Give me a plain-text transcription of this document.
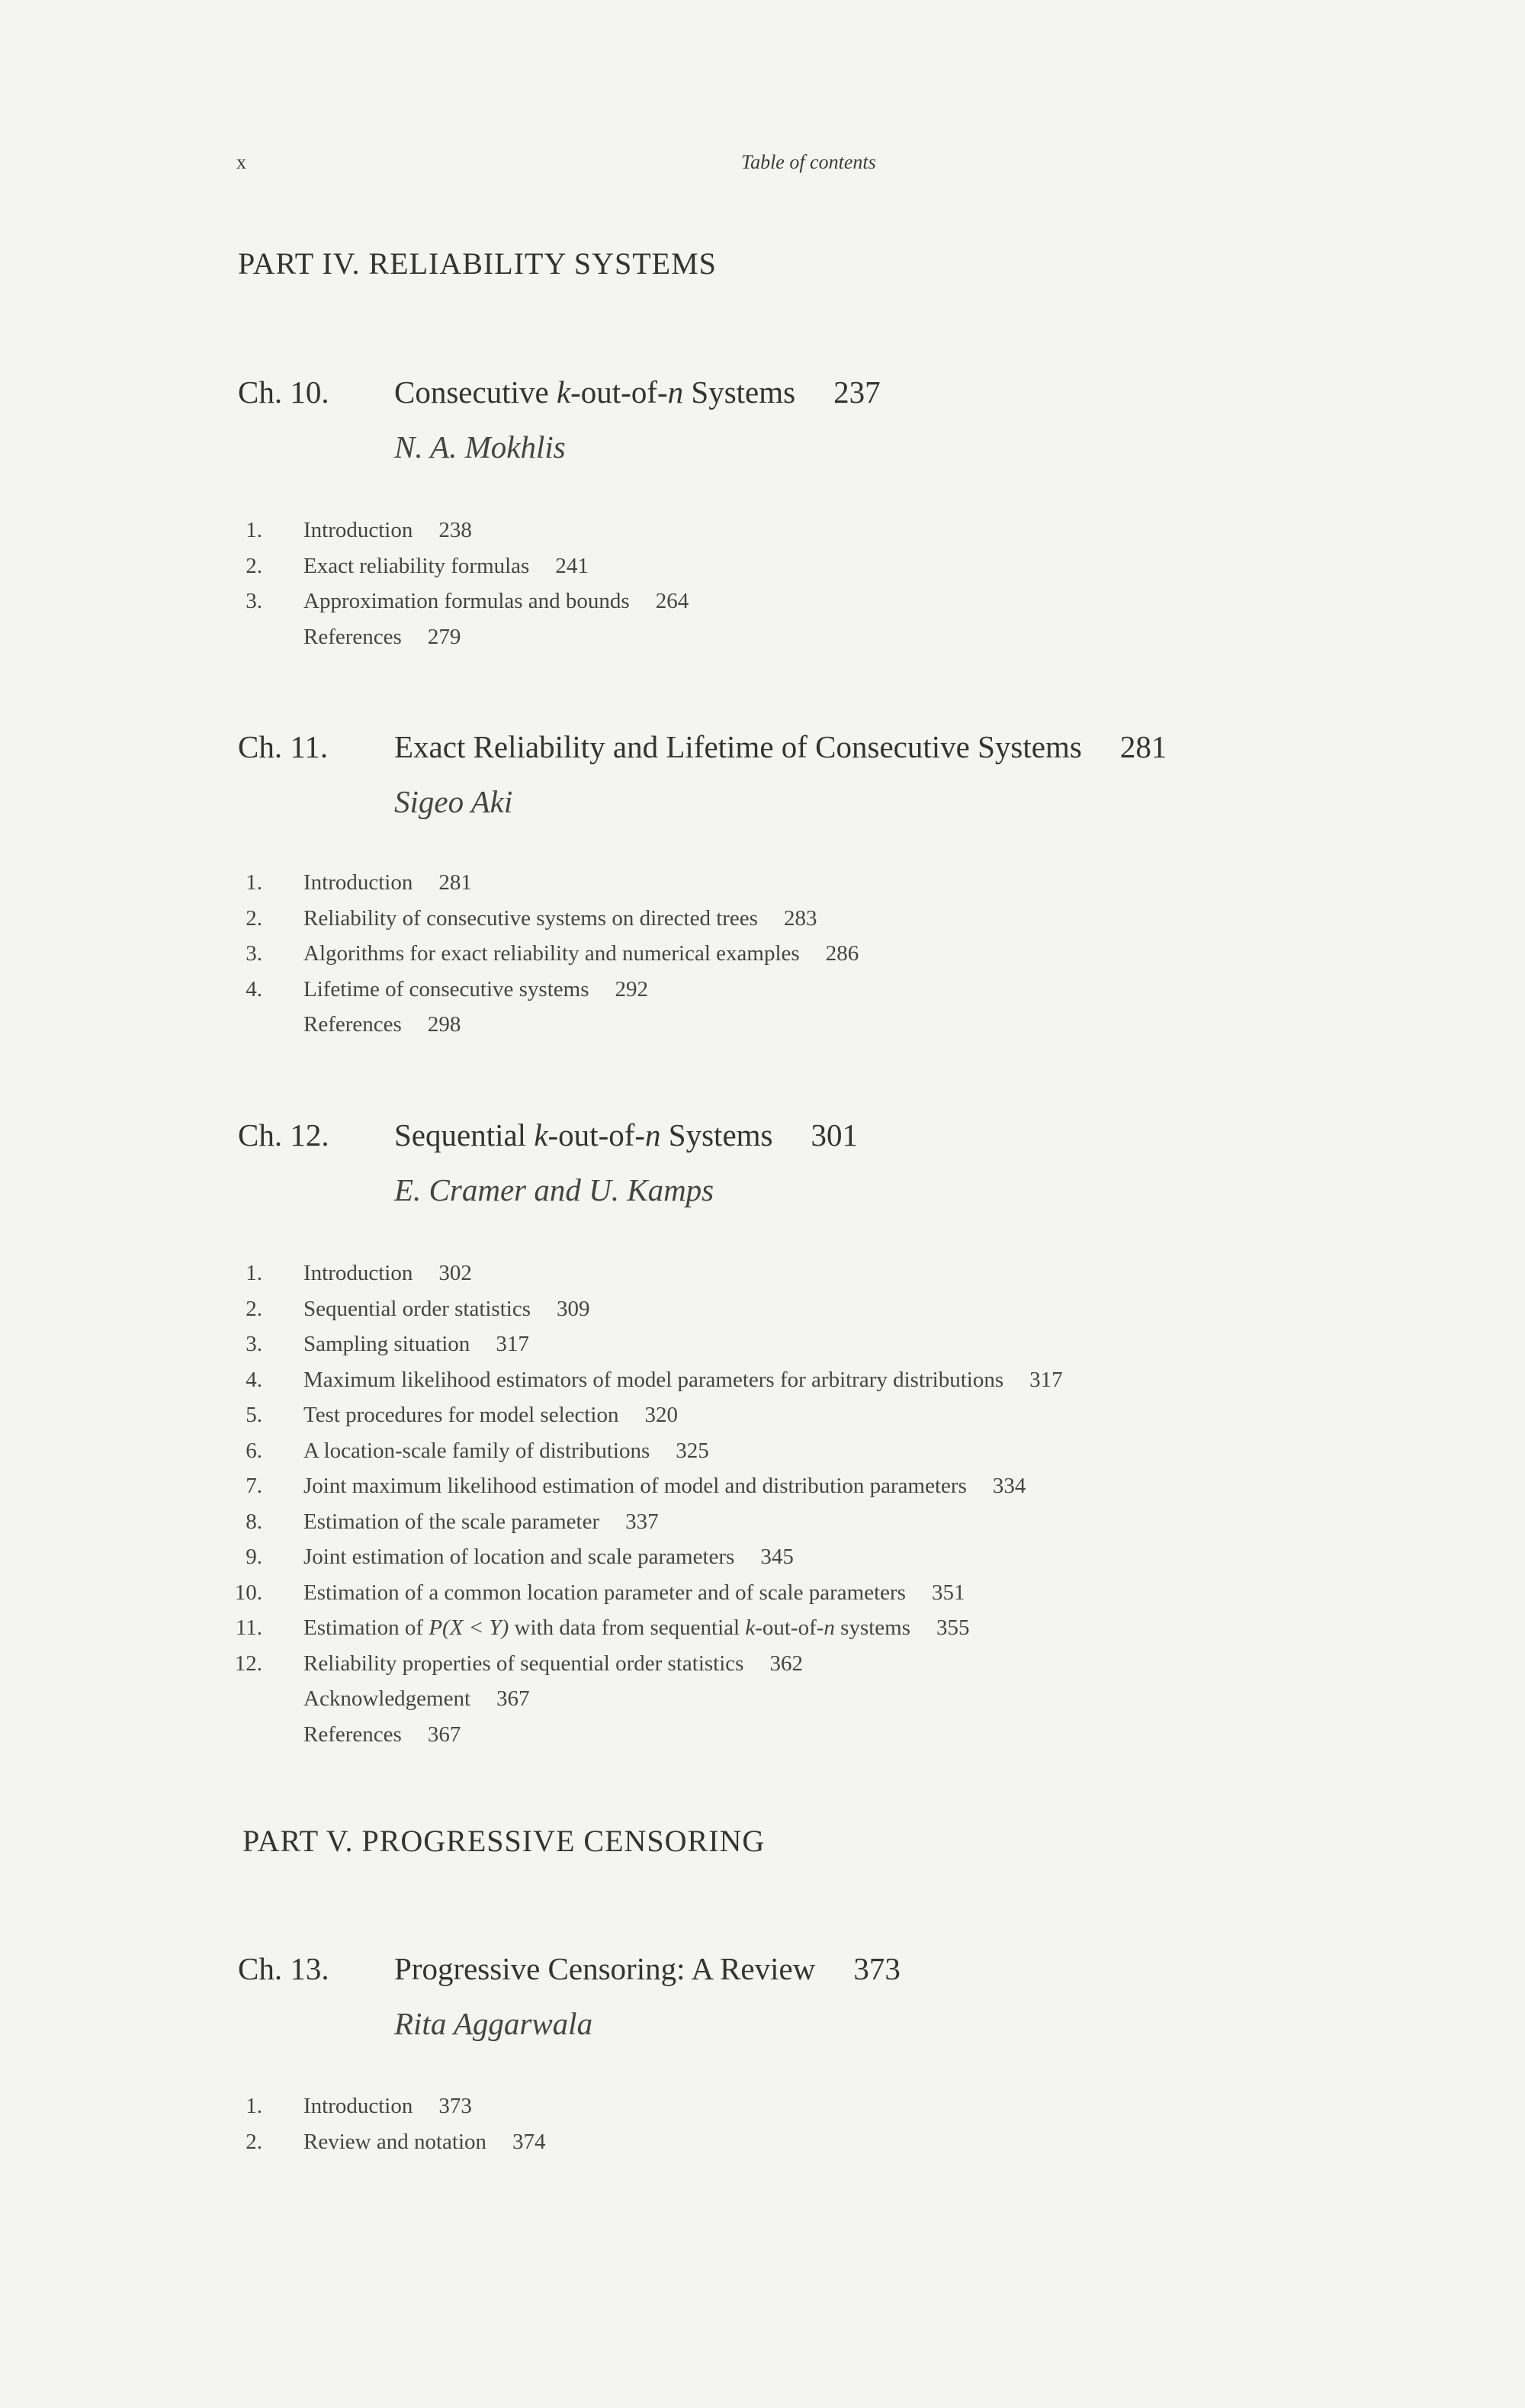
x	Table of contents
PART IV. RELIABILITY SYSTEMS
Ch. 10. Consecutive k-out-of-n Systems 237
N. A. Mokhlis
1. Introduction 238
2. Exact reliability formulas 241
3. Approximation formulas and bounds 264
References 279
Ch. 11. Exact Reliability and Lifetime of Consecutive Systems 281
Sigeo Aki
1. Introduction 281
2. Reliability of consecutive systems on directed trees 283
3. Algorithms for exact reliability and numerical examples 286
4. Lifetime of consecutive systems 292
References 298
Ch. 12. Sequential k-out-of-n Systems 301
E. Cramer and U. Kamps
1. Introduction 302
2. Sequential order statistics 309
3. Sampling situation 317
4. Maximum likelihood estimators of model parameters for arbitrary distributions 317
5. Test procedures for model selection 320
6. A location-scale family of distributions 325
7. Joint maximum likelihood estimation of model and distribution parameters 334
8. Estimation of the scale parameter 337
9. Joint estimation of location and scale parameters 345
10. Estimation of a common location parameter and of scale parameters 351
11. Estimation of P(X < Y) with data from sequential k-out-of-n systems 355
12. Reliability properties of sequential order statistics 362
Acknowledgement 367
References 367
PART V. PROGRESSIVE CENSORING
Ch. 13. Progressive Censoring: A Review 373
Rita Aggarwala
1. Introduction 373
2. Review and notation 374
